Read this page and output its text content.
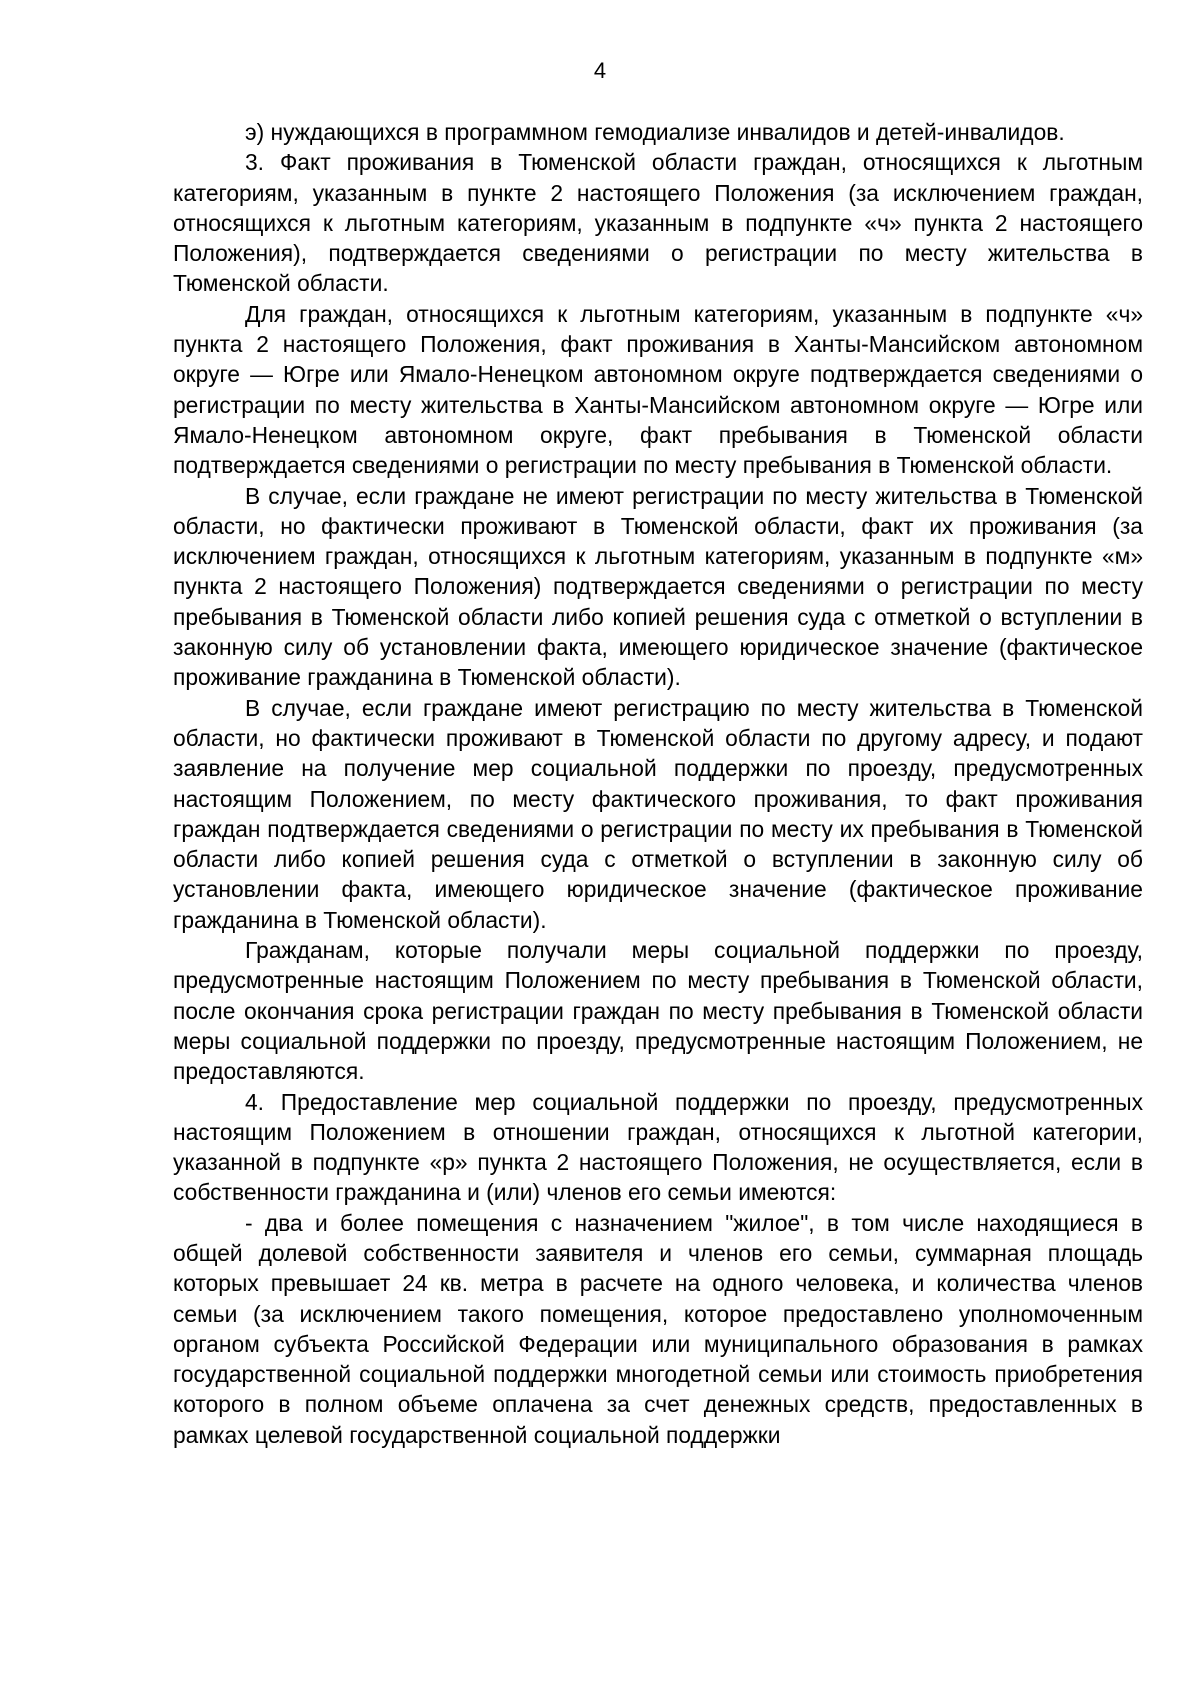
4

э) нуждающихся в программном гемодиализе инвалидов и детей-инвалидов.

3. Факт проживания в Тюменской области граждан, относящихся к льготным категориям, указанным в пункте 2 настоящего Положения (за исключением граждан, относящихся к льготным категориям, указанным в подпункте «ч» пункта 2 настоящего Положения), подтверждается сведениями о регистрации по месту жительства в Тюменской области.

Для граждан, относящихся к льготным категориям, указанным в подпункте «ч» пункта 2 настоящего Положения, факт проживания в Ханты-Мансийском автономном округе — Югре или Ямало-Ненецком автономном округе подтверждается сведениями о регистрации по месту жительства в Ханты-Мансийском автономном округе — Югре или Ямало-Ненецком автономном округе, факт пребывания в Тюменской области подтверждается сведениями о регистрации по месту пребывания в Тюменской области.

В случае, если граждане не имеют регистрации по месту жительства в Тюменской области, но фактически проживают в Тюменской области, факт их проживания (за исключением граждан, относящихся к льготным категориям, указанным в подпункте «м» пункта 2 настоящего Положения) подтверждается сведениями о регистрации по месту пребывания в Тюменской области либо копией решения суда с отметкой о вступлении в законную силу об установлении факта, имеющего юридическое значение (фактическое проживание гражданина в Тюменской области).

В случае, если граждане имеют регистрацию по месту жительства в Тюменской области, но фактически проживают в Тюменской области по другому адресу, и подают заявление на получение мер социальной поддержки по проезду, предусмотренных настоящим Положением, по месту фактического проживания, то факт проживания граждан подтверждается сведениями о регистрации по месту их пребывания в Тюменской области либо копией решения суда с отметкой о вступлении в законную силу об установлении факта, имеющего юридическое значение (фактическое проживание гражданина в Тюменской области).

Гражданам, которые получали меры социальной поддержки по проезду, предусмотренные настоящим Положением по месту пребывания в Тюменской области, после окончания срока регистрации граждан по месту пребывания в Тюменской области меры социальной поддержки по проезду, предусмотренные настоящим Положением, не предоставляются.

4. Предоставление мер социальной поддержки по проезду, предусмотренных настоящим Положением в отношении граждан, относящихся к льготной категории, указанной в подпункте «р» пункта 2 настоящего Положения, не осуществляется, если в собственности гражданина и (или) членов его семьи имеются:

- два и более помещения с назначением "жилое", в том числе находящиеся в общей долевой собственности заявителя и членов его семьи, суммарная площадь которых превышает 24 кв. метра в расчете на одного человека, и количества членов семьи (за исключением такого помещения, которое предоставлено уполномоченным органом субъекта Российской Федерации или муниципального образования в рамках государственной социальной поддержки многодетной семьи или стоимость приобретения которого в полном объеме оплачена за счет денежных средств, предоставленных в рамках целевой государственной социальной поддержки
